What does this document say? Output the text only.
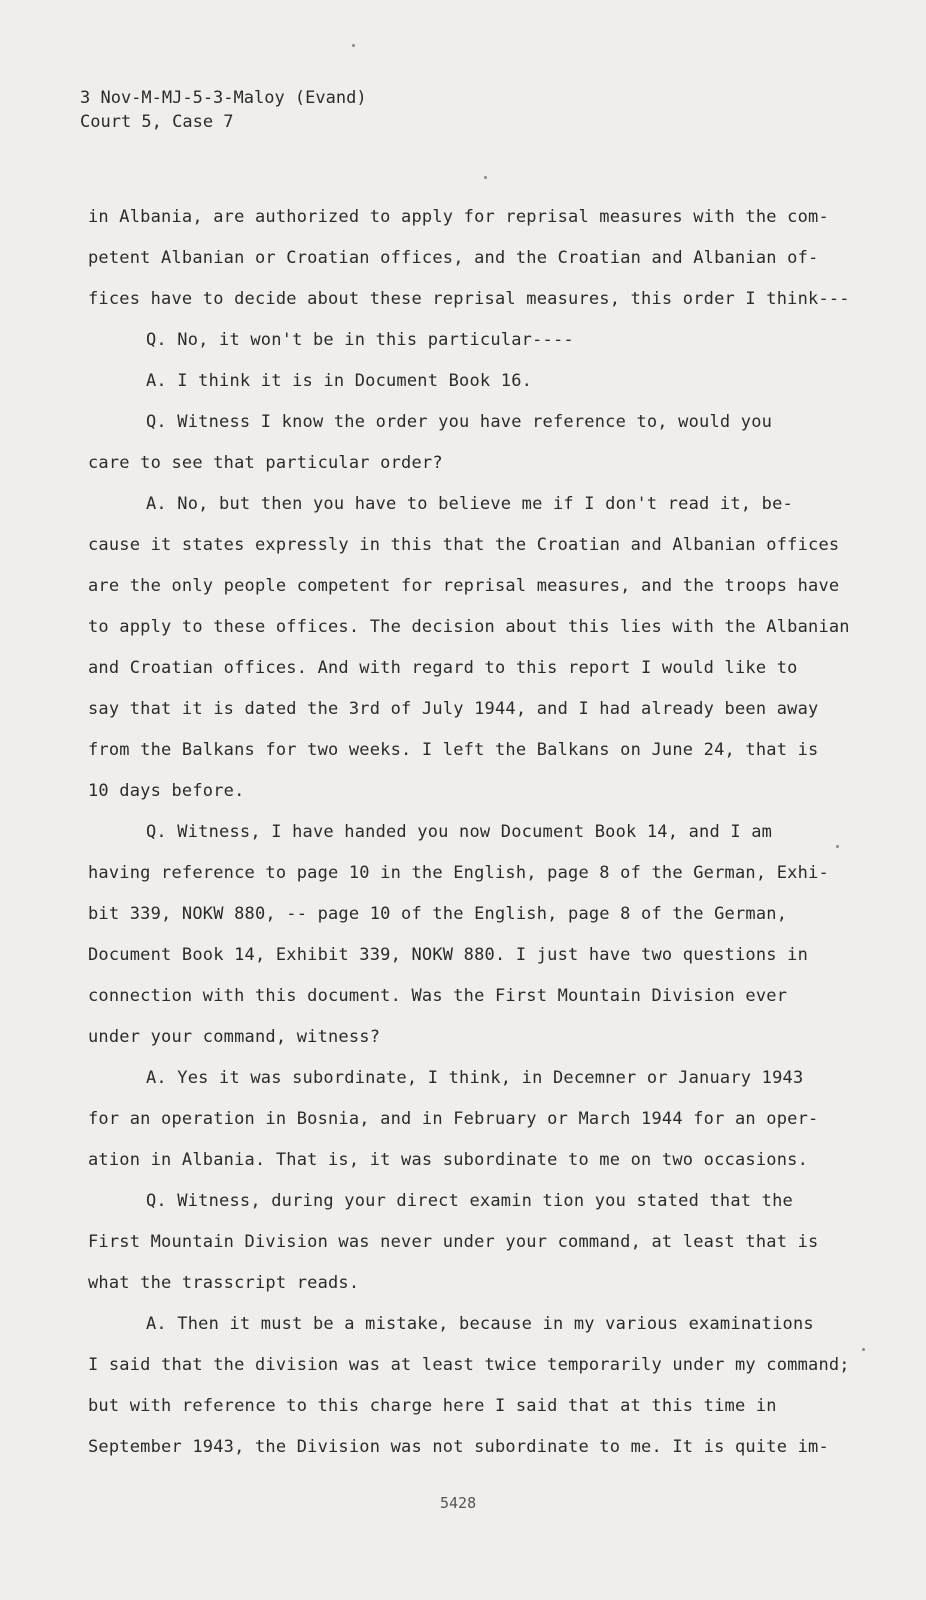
3 Nov-M-MJ-5-3-Maloy (Evand)
Court 5, Case 7
in Albania, are authorized to apply for reprisal measures with the com-
petent Albanian or Croatian offices, and the Croatian and Albanian of-
fices have to decide about these reprisal measures, this order I think---
Q. No, it won't be in this particular----
A. I think it is in Document Book 16.
Q. Witness I know the order you have reference to, would you
care to see that particular order?
A. No, but then you have to believe me if I don't read it, be-
cause it states expressly in this that the Croatian and Albanian offices
are the only people competent for reprisal measures, and the troops have
to apply to these offices. The decision about this lies with the Albanian
and Croatian offices. And with regard to this report I would like to
say that it is dated the 3rd of July 1944, and I had already been away
from the Balkans for two weeks. I left the Balkans on June 24, that is
10 days before.
Q. Witness, I have handed you now Document Book 14, and I am
having reference to page 10 in the English, page 8 of the German, Exhi-
bit 339, NOKW 880, -- page 10 of the English, page 8 of the German,
Document Book 14, Exhibit 339, NOKW 880. I just have two questions in
connection with this document. Was the First Mountain Division ever
under your command, witness?
A. Yes it was subordinate, I think, in Decemner or January 1943
for an operation in Bosnia, and in February or March 1944 for an oper-
ation in Albania. That is, it was subordinate to me on two occasions.
Q. Witness, during your direct examin tion you stated that the
First Mountain Division was never under your command, at least that is
what the trasscript reads.
A. Then it must be a mistake, because in my various examinations
I said that the division was at least twice temporarily under my command;
but with reference to this charge here I said that at this time in
September 1943, the Division was not subordinate to me. It is quite im-
5428
